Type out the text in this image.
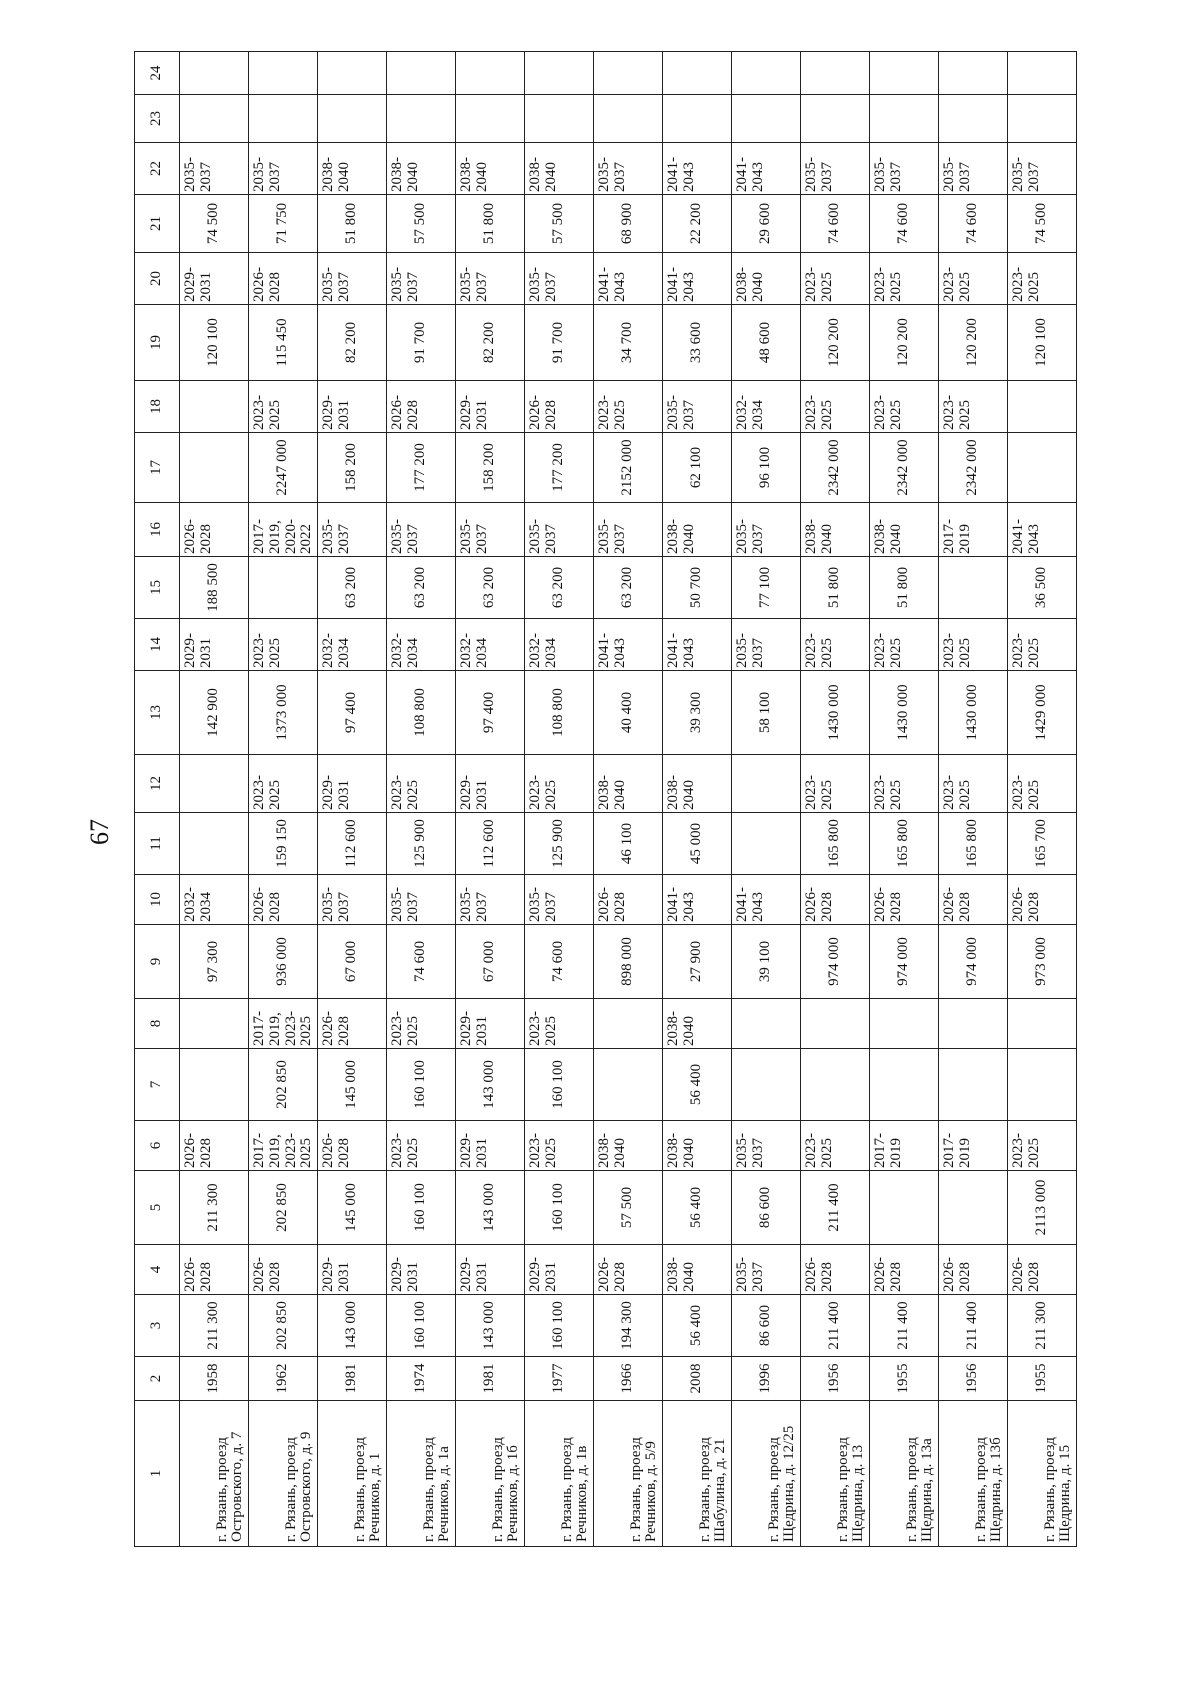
67
1	2	3	4	5	6	7	8	9	10	11	12	13	14	15	16	17	18	19	20	21	22	23	24
г. Рязань, проезд Островского, д. 7	1958	211 300	2026-2028	211 300	2026-2028			97 300	2032-2034			142 900	2029-2031	188 500	2026-2028			120 100	2029-2031	74 500	2035-2037		
г. Рязань, проезд Островского, д. 9	1962	202 850	2026-2028	202 850	2017-2019, 2023-2025	202 850	2017-2019, 2023-2025	936 000	2026-2028	159 150	2023-2025	1373 000	2023-2025		2017-2019, 2020-2022	2247 000	2023-2025	115 450	2026-2028	71 750	2035-2037		
г. Рязань, проезд Речников, д. 1	1981	143 000	2029-2031	145 000	2026-2028	145 000	2026-2028	67 000	2035-2037	112 600	2029-2031	97 400	2032-2034	63 200	2035-2037	158 200	2029-2031	82 200	2035-2037	51 800	2038-2040		
г. Рязань, проезд Речников, д. 1а	1974	160 100	2029-2031	160 100	2023-2025	160 100	2023-2025	74 600	2035-2037	125 900	2023-2025	108 800	2032-2034	63 200	2035-2037	177 200	2026-2028	91 700	2035-2037	57 500	2038-2040		
г. Рязань, проезд Речников, д. 1б	1981	143 000	2029-2031	143 000	2029-2031	143 000	2029-2031	67 000	2035-2037	112 600	2029-2031	97 400	2032-2034	63 200	2035-2037	158 200	2029-2031	82 200	2035-2037	51 800	2038-2040		
г. Рязань, проезд Речников, д. 1в	1977	160 100	2029-2031	160 100	2023-2025	160 100	2023-2025	74 600	2035-2037	125 900	2023-2025	108 800	2032-2034	63 200	2035-2037	177 200	2026-2028	91 700	2035-2037	57 500	2038-2040		
г. Рязань, проезд Речников, д. 5/9	1966	194 300	2026-2028	57 500	2038-2040			898 000	2026-2028	46 100	2038-2040	40 400	2041-2043	63 200	2035-2037	2152 000	2023-2025	34 700	2041-2043	68 900	2035-2037		
г. Рязань, проезд Шабулина, д. 21	2008	56 400	2038-2040	56 400	2038-2040	56 400	2038-2040	27 900	2041-2043	45 000	2038-2040	39 300	2041-2043	50 700	2038-2040	62 100	2035-2037	33 600	2041-2043	22 200	2041-2043		
г. Рязань, проезд Щедрина, д. 12/25	1996	86 600	2035-2037	86 600	2035-2037			39 100	2041-2043			58 100	2035-2037	77 100	2035-2037	96 100	2032-2034	48 600	2038-2040	29 600	2041-2043		
г. Рязань, проезд Щедрина, д. 13	1956	211 400	2026-2028	211 400	2023-2025			974 000	2026-2028	165 800	2023-2025	1430 000	2023-2025	51 800	2038-2040	2342 000	2023-2025	120 200	2023-2025	74 600	2035-2037		
г. Рязань, проезд Щедрина, д. 13а	1955	211 400	2026-2028		2017-2019			974 000	2026-2028	165 800	2023-2025	1430 000	2023-2025	51 800	2038-2040	2342 000	2023-2025	120 200	2023-2025	74 600	2035-2037		
г. Рязань, проезд Щедрина, д. 13б	1956	211 400	2026-2028		2017-2019			974 000	2026-2028	165 800	2023-2025	1430 000	2023-2025		2017-2019	2342 000	2023-2025	120 200	2023-2025	74 600	2035-2037		
г. Рязань, проезд Щедрина, д. 15	1955	211 300	2026-2028	2113 000	2023-2025			973 000	2026-2028	165 700	2023-2025	1429 000	2023-2025	36 500	2041-2043			120 100	2023-2025	74 500	2035-2037		
